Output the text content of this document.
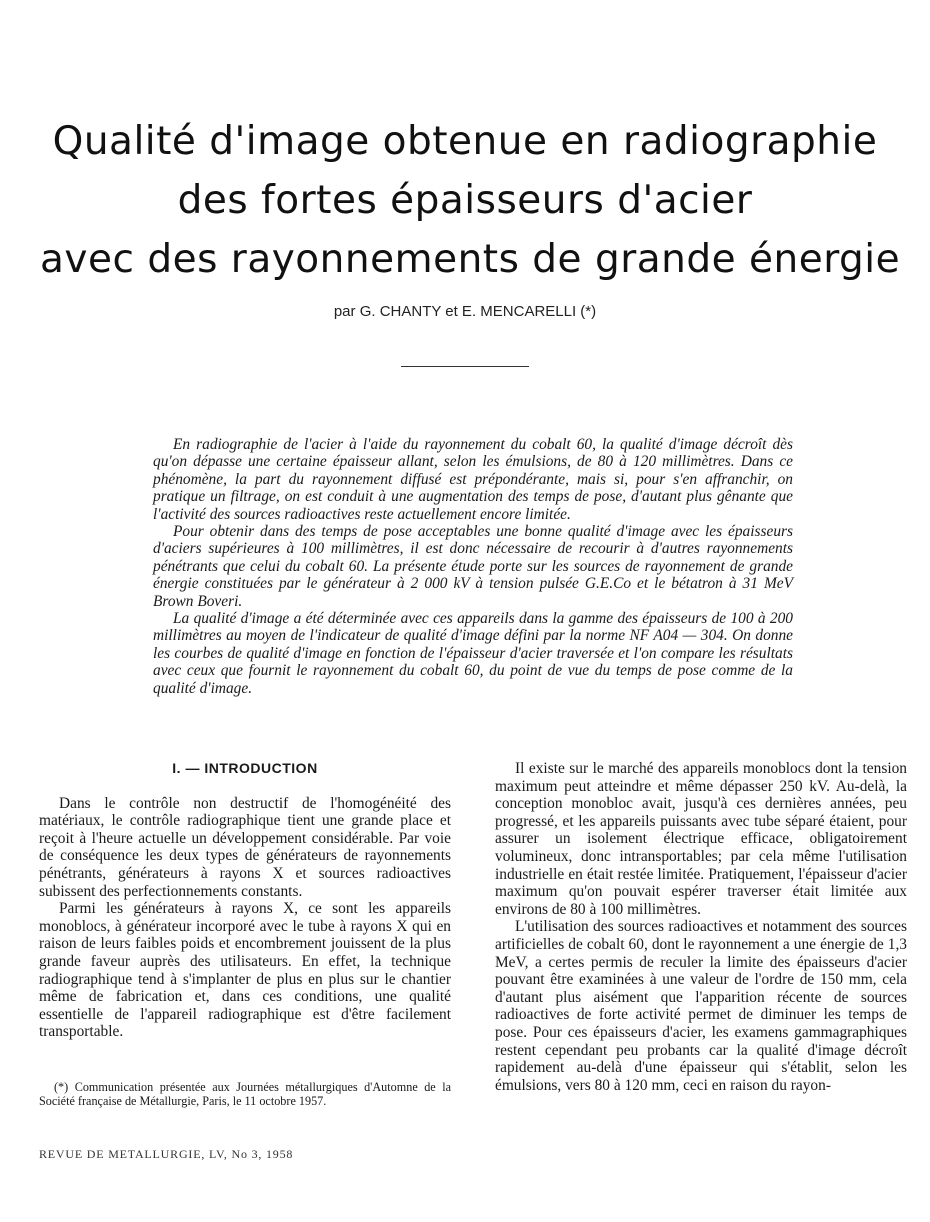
Qualité d'image obtenue en radiographie
des fortes épaisseurs d'acier
avec des rayonnements de grande énergie
par G. CHANTY et E. MENCARELLI (*)

En radiographie de l'acier à l'aide du rayonnement du cobalt 60, la qualité d'image décroît dès qu'on dépasse une certaine épaisseur allant, selon les émulsions, de 80 à 120 millimètres. Dans ce phénomène, la part du rayonnement diffusé est prépondérante, mais si, pour s'en affranchir, on pratique un filtrage, on est conduit à une augmentation des temps de pose, d'autant plus gênante que l'activité des sources radioactives reste actuellement encore limitée.

Pour obtenir dans des temps de pose acceptables une bonne qualité d'image avec les épaisseurs d'aciers supérieures à 100 millimètres, il est donc nécessaire de recourir à d'autres rayonnements pénétrants que celui du cobalt 60. La présente étude porte sur les sources de rayonnement de grande énergie constituées par le générateur à 2 000 kV à tension pulsée G.E.Co et le bétatron à 31 MeV Brown Boveri.

La qualité d'image a été déterminée avec ces appareils dans la gamme des épaisseurs de 100 à 200 millimètres au moyen de l'indicateur de qualité d'image défini par la norme NF A04 — 304. On donne les courbes de qualité d'image en fonction de l'épaisseur d'acier traversée et l'on compare les résultats avec ceux que fournit le rayonnement du cobalt 60, du point de vue du temps de pose comme de la qualité d'image.

I. — INTRODUCTION

Dans le contrôle non destructif de l'homogénéité des matériaux, le contrôle radiographique tient une grande place et reçoit à l'heure actuelle un développement considérable. Par voie de conséquence les deux types de générateurs de rayonnements pénétrants, générateurs à rayons X et sources radioactives subissent des perfectionnements constants.

Parmi les générateurs à rayons X, ce sont les appareils monoblocs, à générateur incorporé avec le tube à rayons X qui en raison de leurs faibles poids et encombrement jouissent de la plus grande faveur auprès des utilisateurs. En effet, la technique radiographique tend à s'implanter de plus en plus sur le chantier même de fabrication et, dans ces conditions, une qualité essentielle de l'appareil radiographique est d'être facilement transportable.

(*) Communication présentée aux Journées métallurgiques d'Automne de la Société française de Métallurgie, Paris, le 11 octobre 1957.

REVUE DE METALLURGIE, LV, No 3, 1958

Il existe sur le marché des appareils monoblocs dont la tension maximum peut atteindre et même dépasser 250 kV. Au-delà, la conception monobloc avait, jusqu'à ces dernières années, peu progressé, et les appareils puissants avec tube séparé étaient, pour assurer un isolement électrique efficace, obligatoirement volumineux, donc intransportables; par cela même l'utilisation industrielle en était restée limitée. Pratiquement, l'épaisseur d'acier maximum qu'on pouvait espérer traverser était limitée aux environs de 80 à 100 millimètres.

L'utilisation des sources radioactives et notamment des sources artificielles de cobalt 60, dont le rayonnement a une énergie de 1,3 MeV, a certes permis de reculer la limite des épaisseurs d'acier pouvant être examinées à une valeur de l'ordre de 150 mm, cela d'autant plus aisément que l'apparition récente de sources radioactives de forte activité permet de diminuer les temps de pose. Pour ces épaisseurs d'acier, les examens gammagraphiques restent cependant peu probants car la qualité d'image décroît rapidement au-delà d'une épaisseur qui s'établit, selon les émulsions, vers 80 à 120 mm, ceci en raison du rayon-
